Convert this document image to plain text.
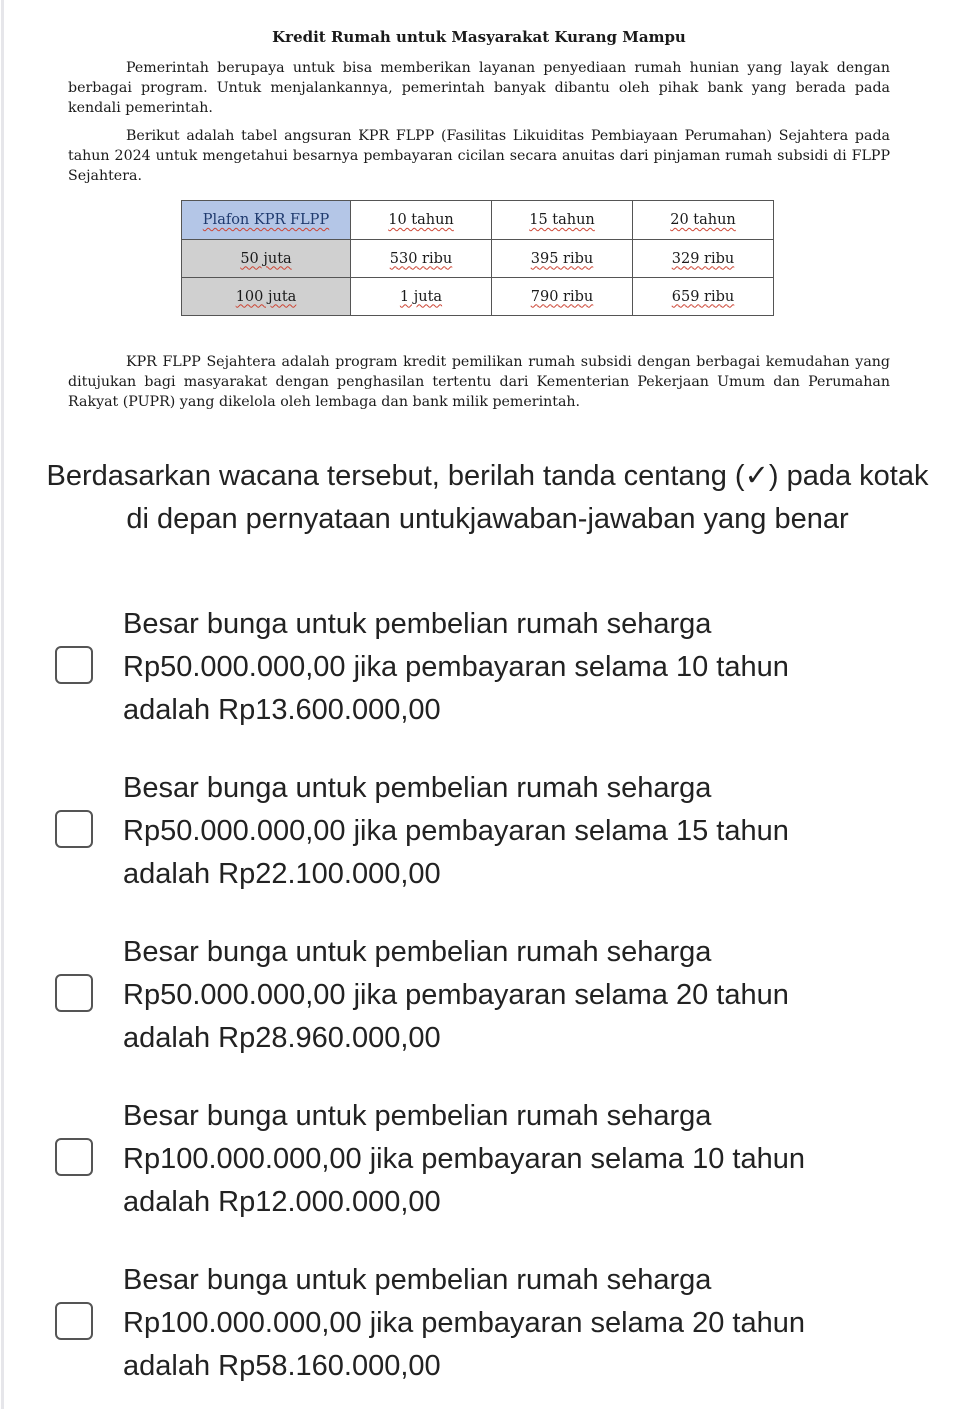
Kredit Rumah untuk Masyarakat Kurang Mampu

Pemerintah berupaya untuk bisa memberikan layanan penyediaan rumah hunian yang layak dengan berbagai program. Untuk menjalankannya, pemerintah banyak dibantu oleh pihak bank yang berada pada kendali pemerintah.

Berikut adalah tabel angsuran KPR FLPP (Fasilitas Likuiditas Pembiayaan Perumahan) Sejahtera pada tahun 2024 untuk mengetahui besarnya pembayaran cicilan secara anuitas dari pinjaman rumah subsidi di FLPP Sejahtera.

Plafon KPR FLPP	10 tahun	15 tahun	20 tahun
50 juta	530 ribu	395 ribu	329 ribu
100 juta	1 juta	790 ribu	659 ribu

KPR FLPP Sejahtera adalah program kredit pemilikan rumah subsidi dengan berbagai kemudahan yang ditujukan bagi masyarakat dengan penghasilan tertentu dari Kementerian Pekerjaan Umum dan Perumahan Rakyat (PUPR) yang dikelola oleh lembaga dan bank milik pemerintah.

Berdasarkan wacana tersebut, berilah tanda centang (✓) pada kotak di depan pernyataan untukjawaban-jawaban yang benar
Besar bunga untuk pembelian rumah seharga
Rp50.000.000,00 jika pembayaran selama 10 tahun
adalah Rp13.600.000,00
Besar bunga untuk pembelian rumah seharga
Rp50.000.000,00 jika pembayaran selama 15 tahun
adalah Rp22.100.000,00
Besar bunga untuk pembelian rumah seharga
Rp50.000.000,00 jika pembayaran selama 20 tahun
adalah Rp28.960.000,00
Besar bunga untuk pembelian rumah seharga
Rp100.000.000,00 jika pembayaran selama 10 tahun
adalah Rp12.000.000,00
Besar bunga untuk pembelian rumah seharga
Rp100.000.000,00 jika pembayaran selama 20 tahun
adalah Rp58.160.000,00
